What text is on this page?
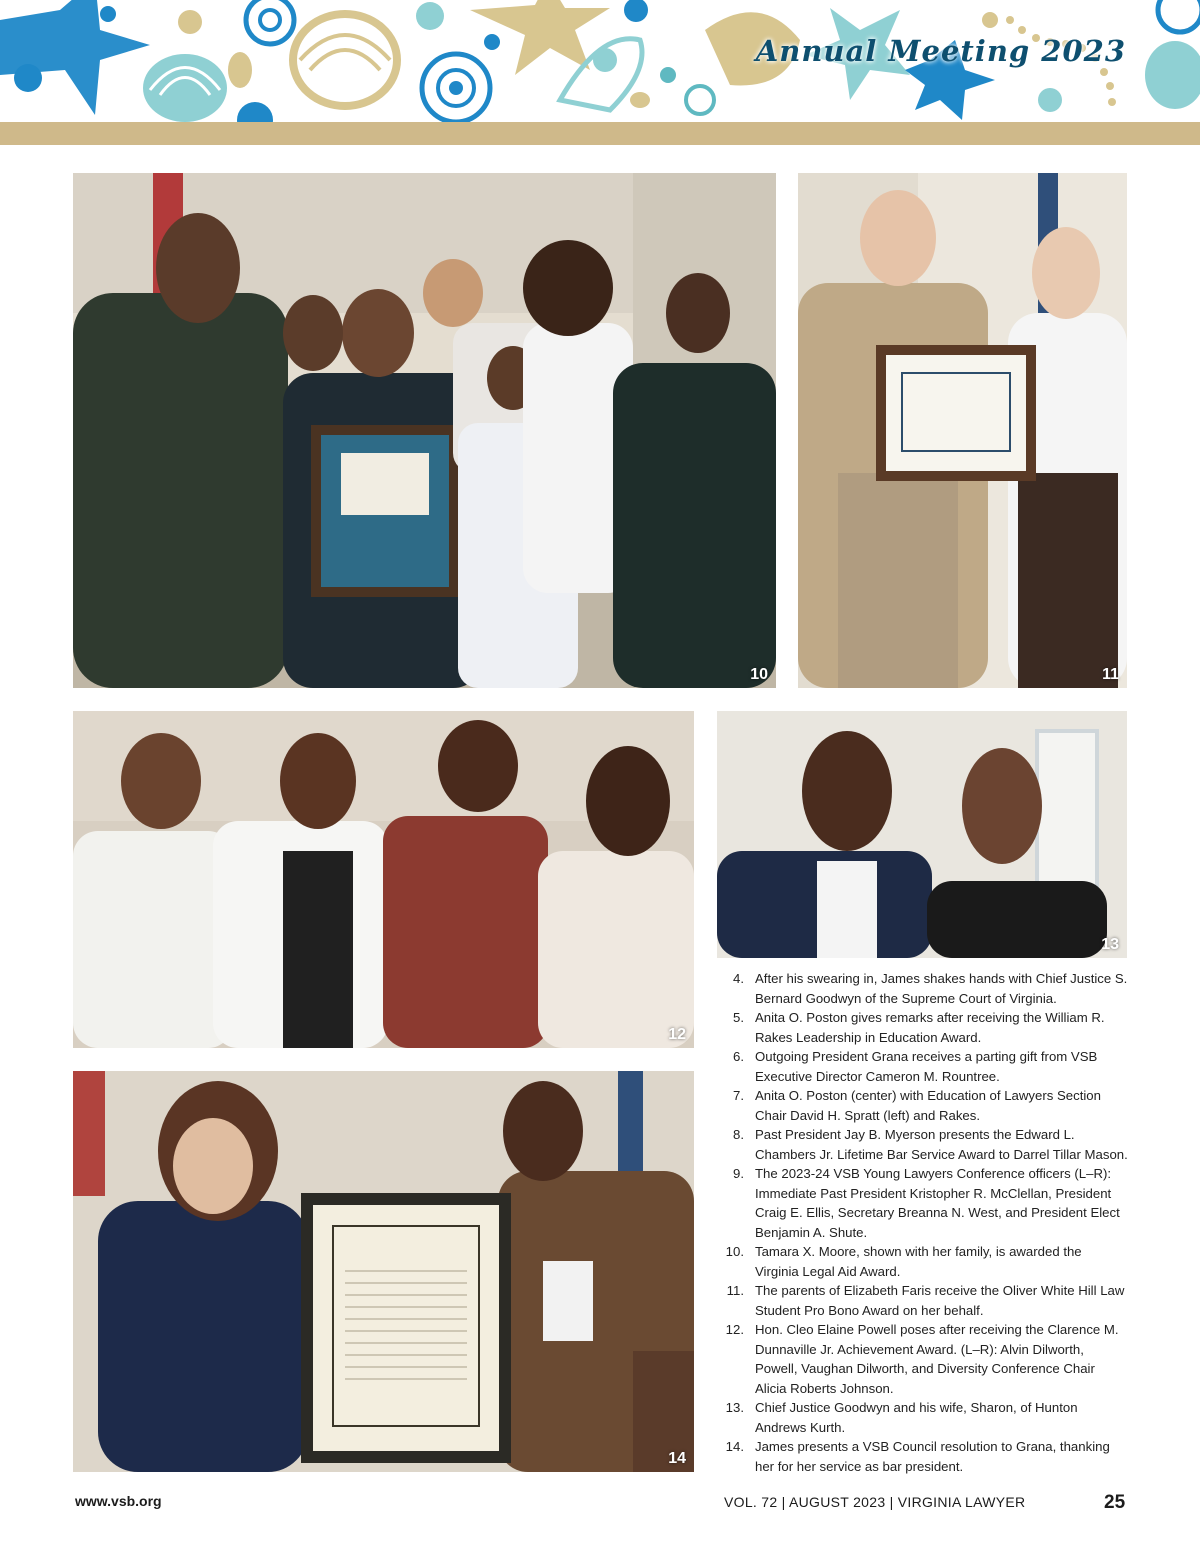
Annual Meeting 2023
10	11
12
13
14
4. After his swearing in, James shakes hands with Chief Justice S. Bernard Goodwyn of the Supreme Court of Virginia.
5. Anita O. Poston gives remarks after receiving the William R. Rakes Leadership in Education Award.
6. Outgoing President Grana receives a parting gift from VSB Executive Director Cameron M. Rountree.
7. Anita O. Poston (center) with Education of Lawyers Section Chair David H. Spratt (left) and Rakes.
8. Past President Jay B. Myerson presents the Edward L. Chambers Jr. Lifetime Bar Service Award to Darrel Tillar Mason.
9. The 2023-24 VSB Young Lawyers Conference officers (L–R): Immediate Past President Kristopher R. McClellan, President Craig E. Ellis, Secretary Breanna N. West, and President Elect Benjamin A. Shute.
10. Tamara X. Moore, shown with her family, is awarded the Virginia Legal Aid Award.
11. The parents of Elizabeth Faris receive the Oliver White Hill Law Student Pro Bono Award on her behalf.
12. Hon. Cleo Elaine Powell poses after receiving the Clarence M. Dunnaville Jr. Achievement Award. (L–R): Alvin Dilworth, Powell, Vaughan Dilworth, and Diversity Conference Chair Alicia Roberts Johnson.
13. Chief Justice Goodwyn and his wife, Sharon, of Hunton Andrews Kurth.
14. James presents a VSB Council resolution to Grana, thanking her for her service as bar president.
www.vsb.org	VOL. 72 | AUGUST 2023 | VIRGINIA LAWYER	25
